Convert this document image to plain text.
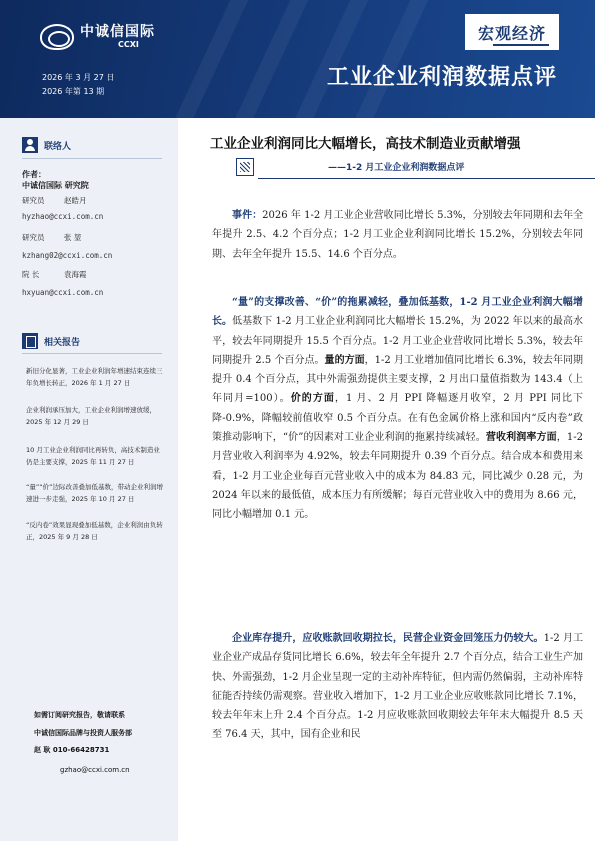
中诚信国际
CCXI
宏观经济
2026 年 3 月 27 日
2026 年第 13 期
工业企业利润数据点评
联络人
作者：
中诚信国际 研究院
研究员	赵皓月
hyzhao@ccxi.com.cn
研究员	张 堃
kzhang02@ccxi.com.cn
院 长	袁海霞
hxyuan@ccxi.com.cn
相关报告
新旧分化显著，工业企业利润年增速结束连续三年负增长转正，2026 年 1 月 27 日
企业利润承压加大，工业企业利润增速放缓，2025 年 12 月 29 日
10 月工业企业利润同比再转负，高技术制造业仍是主要支撑，2025 年 11 月 27 日
“量”“价”边际改善叠加低基数，带动企业利润增速进一步走强，2025 年 10 月 27 日
“反内卷”效果显现叠加低基数，企业利润由负转正，2025 年 9 月 28 日
如需订阅研究报告，敬请联系
中诚信国际品牌与投资人服务部
赵 耿 010-66428731
gzhao@ccxi.com.cn
工业企业利润同比大幅增长，高技术制造业贡献增强
——1-2 月工业企业利润数据点评
事件：2026 年 1-2 月工业企业营收同比增长 5.3%，分别较去年同期和去年全年提升 2.5、4.2 个百分点；1-2 月工业企业利润同比增长 15.2%，分别较去年同期、去年全年提升 15.5、14.6 个百分点。
“量”的支撑改善、“价”的拖累减轻，叠加低基数，1-2 月工业企业利润大幅增长。低基数下 1-2 月工业企业利润同比大幅增长 15.2%，为 2022 年以来的最高水平，较去年同期提升 15.5 个百分点。1-2 月工业企业营收同比增长 5.3%，较去年同期提升 2.5 个百分点。量的方面，1-2 月工业增加值同比增长 6.3%，较去年同期提升 0.4 个百分点，其中外需强劲提供主要支撑，2 月出口量值指数为 143.4（上年同月=100）。价的方面，1 月、2 月 PPI 降幅逐月收窄，2 月 PPI 同比下降-0.9%，降幅较前值收窄 0.5 个百分点。在有色金属价格上涨和国内“反内卷”政策推动影响下，“价”的因素对工业企业利润的拖累持续减轻。营收利润率方面，1-2 月营业收入利润率为 4.92%，较去年同期提升 0.39 个百分点。结合成本和费用来看，1-2 月工业企业每百元营业收入中的成本为 84.83 元，同比减少 0.28 元，为 2024 年以来的最低值，成本压力有所缓解；每百元营业收入中的费用为 8.66 元，同比小幅增加 0.1 元。
企业库存提升，应收账款回收期拉长，民营企业资金回笼压力仍较大。1-2 月工业企业产成品存货同比增长 6.6%，较去年全年提升 2.7 个百分点，结合工业生产加快、外需强劲，1-2 月企业呈现一定的主动补库特征，但内需仍然偏弱，主动补库特征能否持续仍需观察。营业收入增加下，1-2 月工业企业应收账款同比增长 7.1%，较去年年末上升 2.4 个百分点。1-2 月应收账款回收期较去年年末大幅提升 8.5 天至 76.4 天，其中，国有企业和民
